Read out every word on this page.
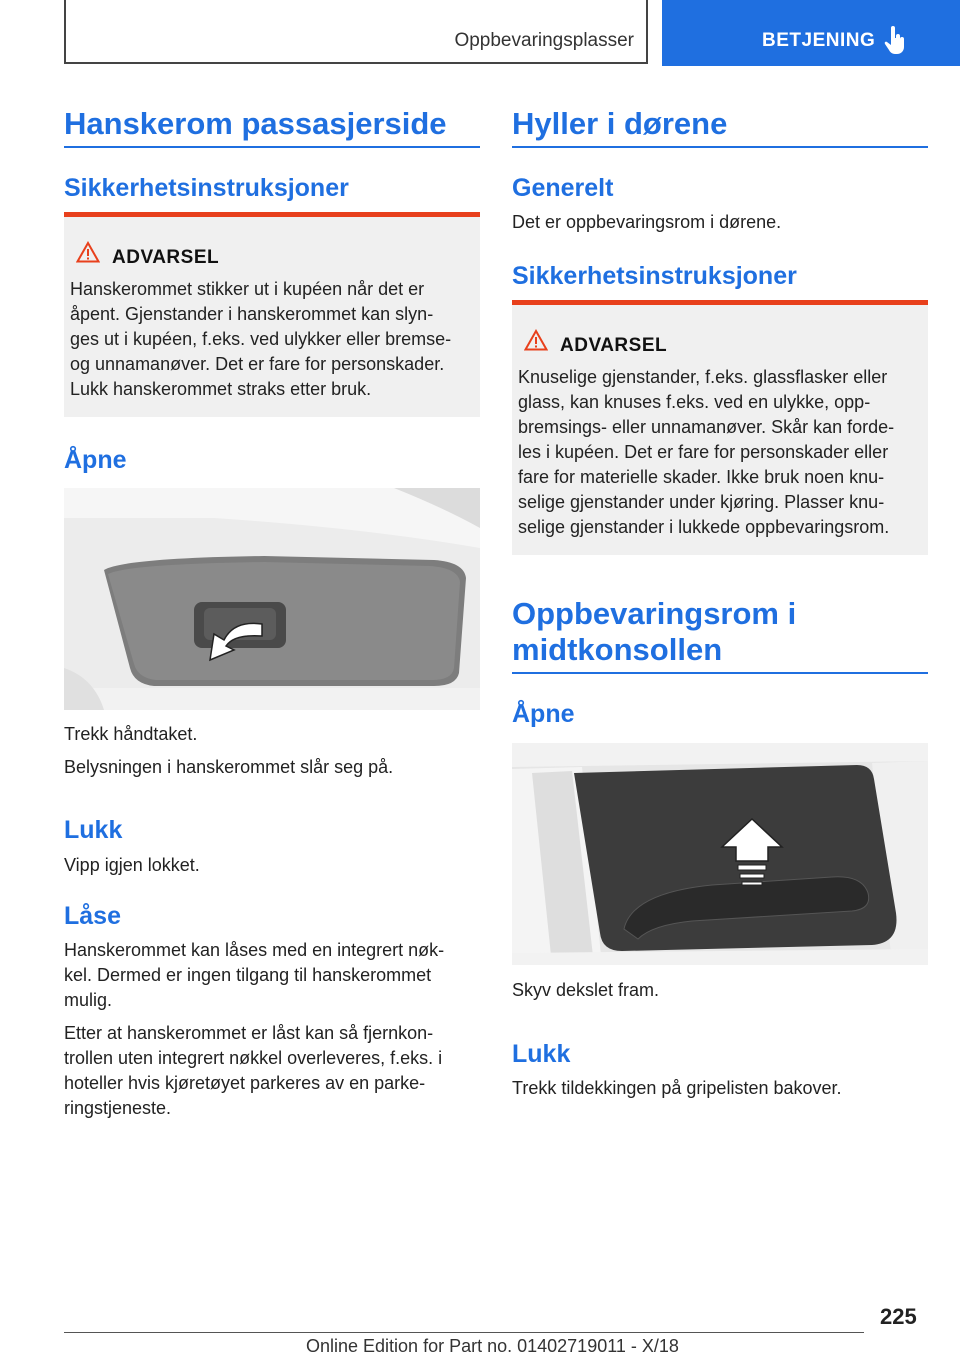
Oppbevaringsplasser	BETJENING
Hanskerom passasjerside
Sikkerhetsinstruksjoner
ADVARSEL
Hanskerommet stikker ut i kupéen når det er
åpent. Gjenstander i hanskerommet kan slyn-
ges ut i kupéen, f.eks. ved ulykker eller bremse-
og unnamanøver. Det er fare for personskader.
Lukk hanskerommet straks etter bruk.
Åpne
Trekk håndtaket.
Belysningen i hanskerommet slår seg på.
Lukk
Vipp igjen lokket.
Låse
Hanskerommet kan låses med en integrert nøk-
kel. Dermed er ingen tilgang til hanskerommet
mulig.
Etter at hanskerommet er låst kan så fjernkon-
trollen uten integrert nøkkel overleveres, f.eks. i
hoteller hvis kjøretøyet parkeres av en parke-
ringstjeneste.
Hyller i dørene
Generelt
Det er oppbevaringsrom i dørene.
Sikkerhetsinstruksjoner
ADVARSEL
Knuselige gjenstander, f.eks. glassflasker eller
glass, kan knuses f.eks. ved en ulykke, opp-
bremsings- eller unnamanøver. Skår kan forde-
les i kupéen. Det er fare for personskader eller
fare for materielle skader. Ikke bruk noen knu-
selige gjenstander under kjøring. Plasser knu-
selige gjenstander i lukkede oppbevaringsrom.
Oppbevaringsrom i
midtkonsollen
Åpne
Skyv dekslet fram.
Lukk
Trekk tildekkingen på gripelisten bakover.
225
Online Edition for Part no. 01402719011 - X/18
